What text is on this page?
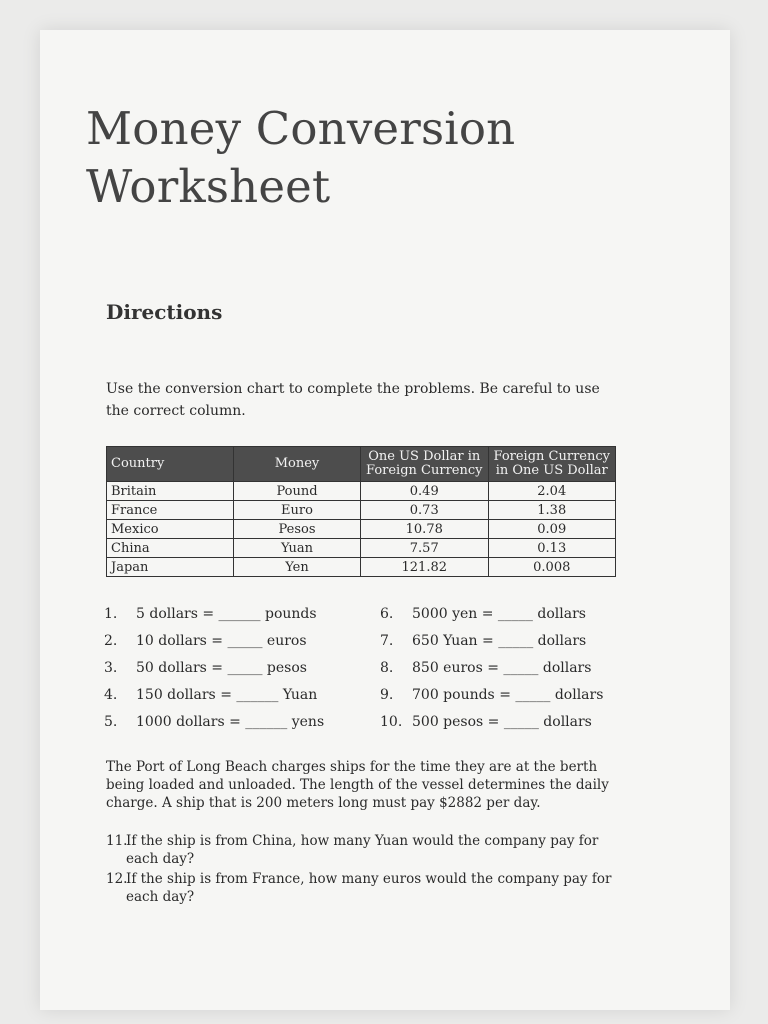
Money Conversion
Worksheet
Directions

Use the conversion chart to complete the problems. Be careful to use the correct column.

Country	Money	One US Dollar in Foreign Currency	Foreign Currency in One US Dollar
Britain	Pound	0.49	2.04
France	Euro	0.73	1.38
Mexico	Pesos	10.78	0.09
China	Yuan	7.57	0.13
Japan	Yen	121.82	0.008
1. 5 dollars = ______ pounds
2. 10 dollars = _____ euros
3. 50 dollars = _____ pesos
4. 150 dollars = ______ Yuan
5. 1000 dollars = ______ yens
6. 5000 yen = _____ dollars
7. 650 Yuan = _____ dollars
8. 850 euros = _____ dollars
9. 700 pounds = _____ dollars
10. 500 pesos = _____ dollars

The Port of Long Beach charges ships for the time they are at the berth being loaded and unloaded. The length of the vessel determines the daily charge. A ship that is 200 meters long must pay $2882 per day.

11.
If the ship is from China, how many Yuan would the company pay for each day?
12.
If the ship is from France, how many euros would the company pay for each day?
